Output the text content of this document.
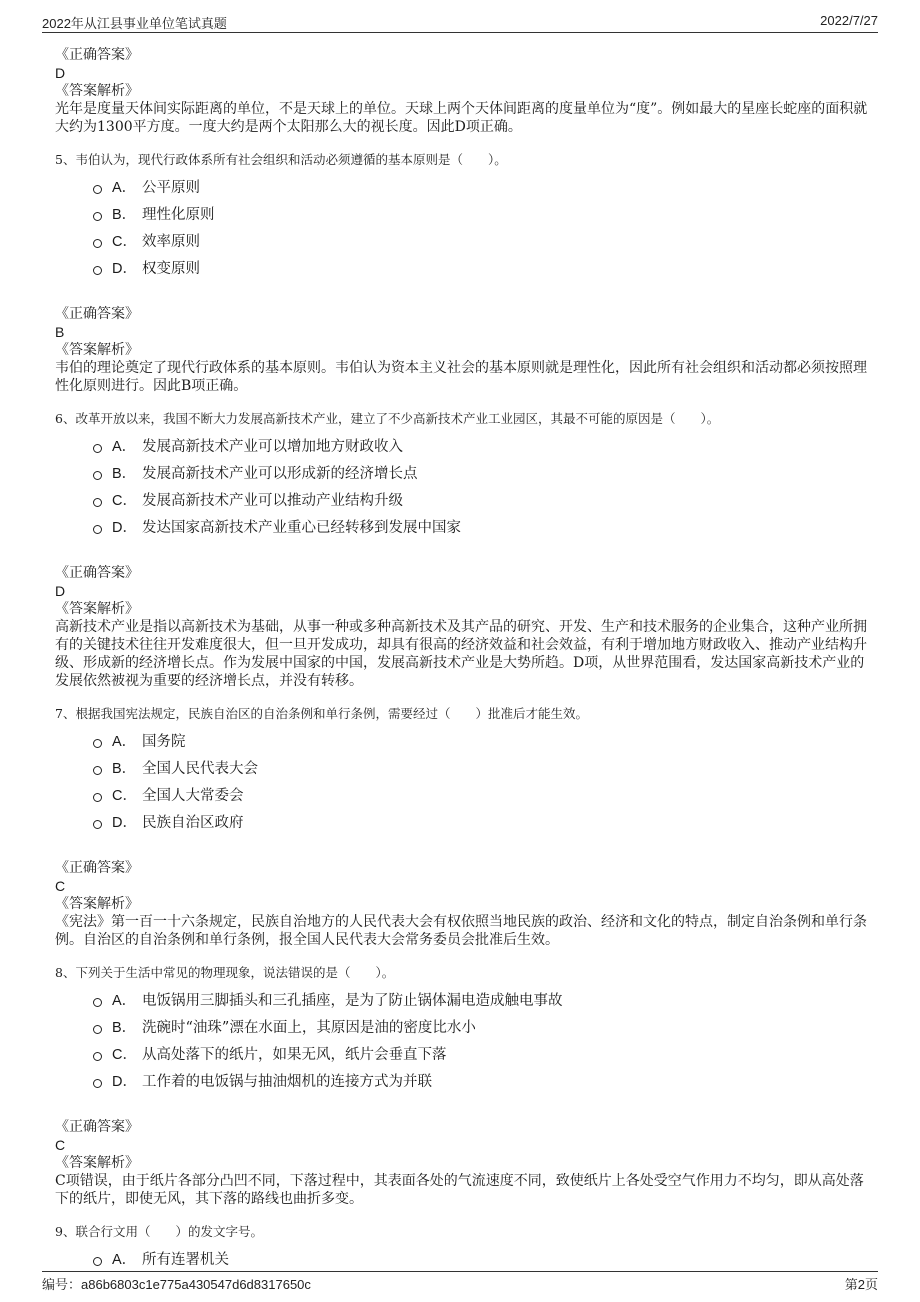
2022年从江县事业单位笔试真题	2022/7/27

《正确答案》

D

《答案解析》

光年是度量天体间实际距离的单位，不是天球上的单位。天球上两个天体间距离的度量单位为“度”。例如最大的星座长蛇座的面积就大约为1300平方度。一度大约是两个太阳那么大的视长度。因此D项正确。

5、韦伯认为，现代行政体系所有社会组织和活动必须遵循的基本原则是（　　）。

A． 公平原则
B． 理性化原则
C． 效率原则
D． 权变原则

《正确答案》

B

《答案解析》

韦伯的理论奠定了现代行政体系的基本原则。韦伯认为资本主义社会的基本原则就是理性化，因此所有社会组织和活动都必须按照理性化原则进行。因此B项正确。

6、改革开放以来，我国不断大力发展高新技术产业，建立了不少高新技术产业工业园区，其最不可能的原因是（　　）。

A． 发展高新技术产业可以增加地方财政收入
B． 发展高新技术产业可以形成新的经济增长点
C． 发展高新技术产业可以推动产业结构升级
D． 发达国家高新技术产业重心已经转移到发展中国家

《正确答案》

D

《答案解析》

高新技术产业是指以高新技术为基础，从事一种或多种高新技术及其产品的研究、开发、生产和技术服务的企业集合，这种产业所拥有的关键技术往往开发难度很大，但一旦开发成功，却具有很高的经济效益和社会效益，有利于增加地方财政收入、推动产业结构升级、形成新的经济增长点。作为发展中国家的中国，发展高新技术产业是大势所趋。D项，从世界范围看，发达国家高新技术产业的发展依然被视为重要的经济增长点，并没有转移。

7、根据我国宪法规定，民族自治区的自治条例和单行条例，需要经过（　　）批准后才能生效。

A． 国务院
B． 全国人民代表大会
C． 全国人大常委会
D． 民族自治区政府

《正确答案》

C

《答案解析》

《宪法》第一百一十六条规定，民族自治地方的人民代表大会有权依照当地民族的政治、经济和文化的特点，制定自治条例和单行条例。自治区的自治条例和单行条例，报全国人民代表大会常务委员会批准后生效。

8、下列关于生活中常见的物理现象，说法错误的是（　　）。

A． 电饭锅用三脚插头和三孔插座，是为了防止锅体漏电造成触电事故
B． 洗碗时“油珠”漂在水面上，其原因是油的密度比水小
C． 从高处落下的纸片，如果无风，纸片会垂直下落
D． 工作着的电饭锅与抽油烟机的连接方式为并联

《正确答案》

C

《答案解析》

C项错误，由于纸片各部分凸凹不同，下落过程中，其表面各处的气流速度不同，致使纸片上各处受空气作用力不均匀，即从高处落下的纸片，即使无风，其下落的路线也曲折多变。

9、联合行文用（　　）的发文字号。

A． 所有连署机关
编号：a86b6803c1e775a430547d6d8317650c	第2页
